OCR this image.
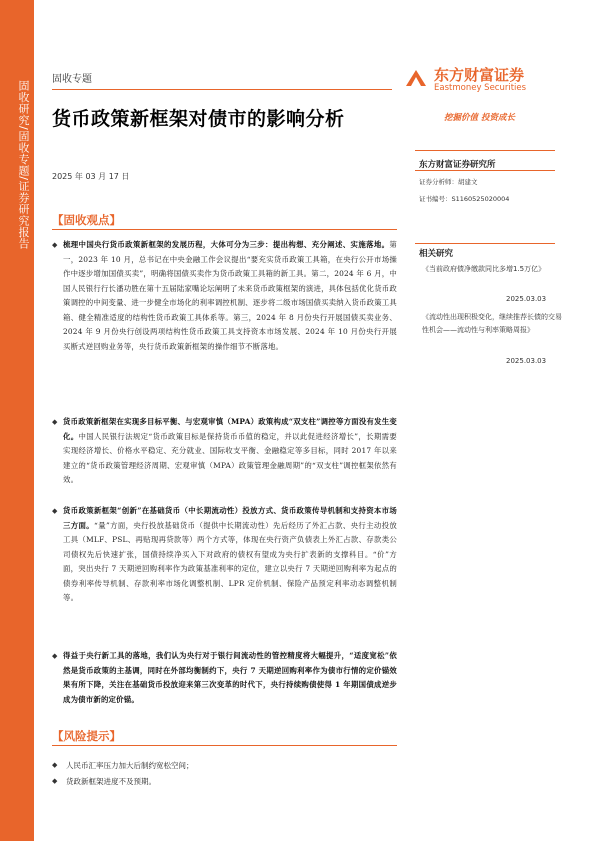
固收研究/固收专题/证券研究报告
固收专题
货币政策新框架对债市的影响分析
2025 年 03 月 17 日
东方财富证券
Eastmoney Securities
挖掘价值 投资成长
东方财富证券研究所
证券分析师：胡建文
证书编号：S1160525020004
相关研究
《当前政府债净缴款同比多增1.5万亿》
2025.03.03
《流动性出现积极变化，继续推荐长债的交易性机会——流动性与利率策略周报》
2025.03.03
【固收观点】
◆ 梳理中国央行货币政策新框架的发展历程，大体可分为三步：提出构想、充分阐述、实施落地。第一，2023 年 10 月，总书记在中央金融工作会议提出“要充实货币政策工具箱，在央行公开市场操作中逐步增加国债买卖”，明确将国债买卖作为货币政策工具箱的新工具。第二，2024 年 6 月，中国人民银行行长潘功胜在第十五届陆家嘴论坛阐明了未来货币政策框架的演进，具体包括优化货币政策调控的中间变量、进一步健全市场化的利率调控机制、逐步将二级市场国债买卖纳入货币政策工具箱、健全精准适度的结构性货币政策工具体系等。第三，2024 年 8 月份央行开展国债买卖业务、2024 年 9 月份央行创设两项结构性货币政策工具支持资本市场发展、2024 年 10 月份央行开展买断式逆回购业务等，央行货币政策新框架的操作细节不断落地。
◆ 货币政策新框架在实现多目标平衡、与宏观审慎（MPA）政策构成“双支柱”调控等方面没有发生变化。中国人民银行法规定“货币政策目标是保持货币币值的稳定，并以此促进经济增长”，长期需要实现经济增长、价格水平稳定、充分就业、国际收支平衡、金融稳定等多目标，同时 2017 年以来建立的“货币政策管理经济周期、宏观审慎（MPA）政策管理金融周期”的“双支柱”调控框架依然有效。
◆ 货币政策新框架“创新”在基础货币（中长期流动性）投放方式、货币政策传导机制和支持资本市场三方面。“量”方面，央行投放基础货币（提供中长期流动性）先后经历了外汇占款、央行主动投放工具（MLF、PSL、再贴现再贷款等）两个方式等，体现在央行资产负债表上外汇占款、存款类公司债权先后快速扩张，国债持续净买入下对政府的债权有望成为央行扩表新的支撑科目。“价”方面，突出央行 7 天期逆回购利率作为政策基准利率的定位，建立以央行 7 天期逆回购利率为起点的债券利率传导机制、存款利率市场化调整机制、LPR 定价机制、保险产品预定利率动态调整机制等。
◆ 得益于央行新工具的落地，我们认为央行对于银行间流动性的管控精度将大幅提升，“适度宽松”依然是货币政策的主基调，同时在外部均衡制约下，央行 7 天期逆回购利率作为债市行情的定价锚效果有所下降，关注在基础货币投放迎来第三次变革的时代下，央行持续购债使得 1 年期国债成逆步成为债市新的定价锚。
【风险提示】
◆ 人民币汇率压力加大后制约宽松空间；
◆ 货政新框架进度不及预期。
